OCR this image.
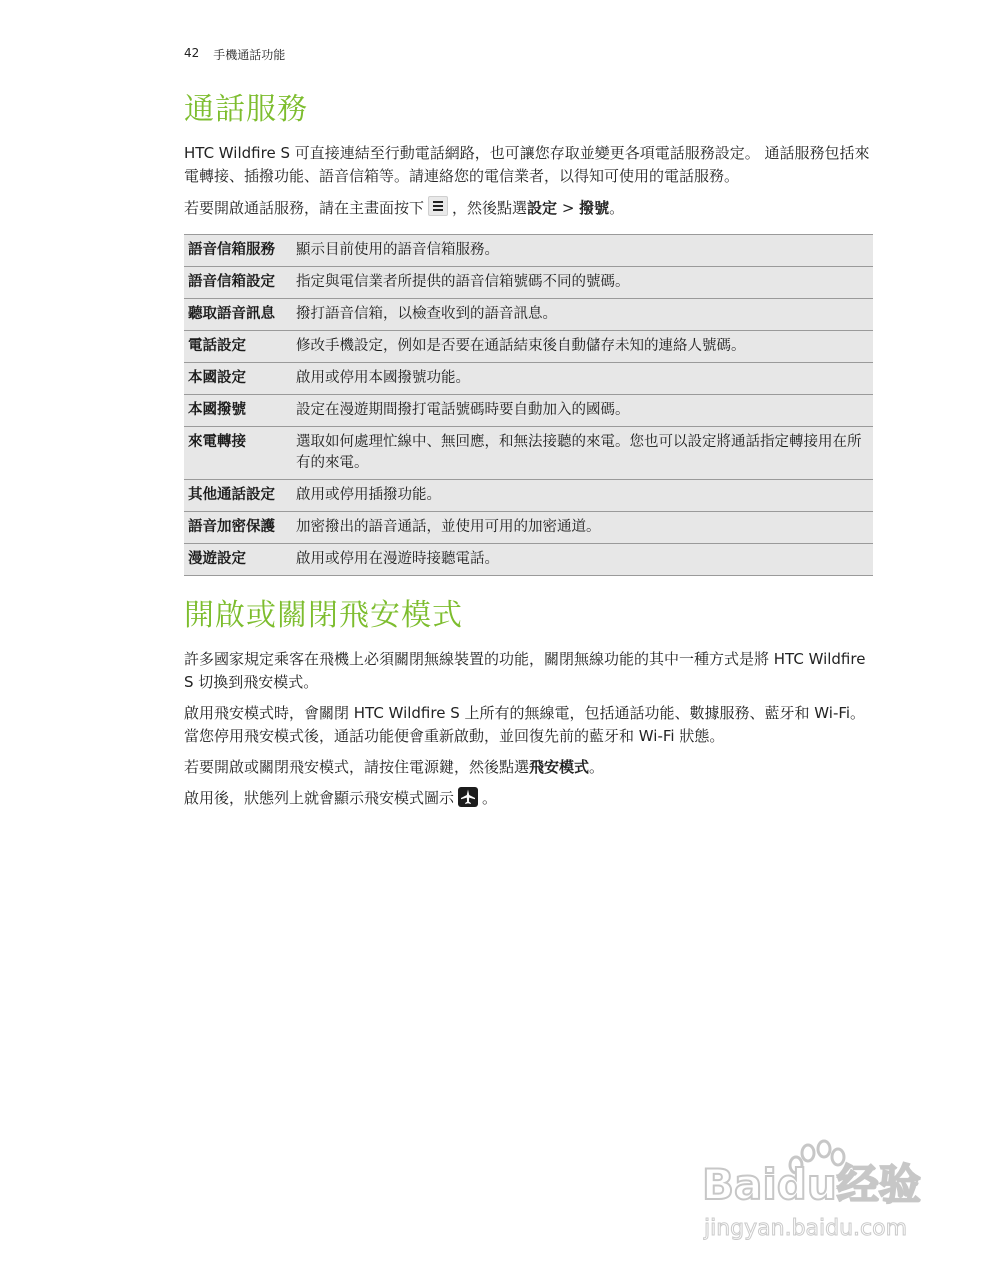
42 手機通話功能
通話服務

HTC Wildfire S 可直接連結至行動電話網路，也可讓您存取並變更各項電話服務設定。 通話服務包括來電轉接、插撥功能、語音信箱等。請連絡您的電信業者，以得知可使用的電話服務。

若要開啟通話服務，請在主畫面按下 ，然後點選設定 > 撥號。

語音信箱服務	顯示目前使用的語音信箱服務。
語音信箱設定	指定與電信業者所提供的語音信箱號碼不同的號碼。
聽取語音訊息	撥打語音信箱，以檢查收到的語音訊息。
電話設定	修改手機設定，例如是否要在通話結束後自動儲存未知的連絡人號碼。
本國設定	啟用或停用本國撥號功能。
本國撥號	設定在漫遊期間撥打電話號碼時要自動加入的國碼。
來電轉接	選取如何處理忙線中、無回應，和無法接聽的來電。您也可以設定將通話指定轉接用在所有的來電。
其他通話設定	啟用或停用插撥功能。
語音加密保護	加密撥出的語音通話，並使用可用的加密通道。
漫遊設定	啟用或停用在漫遊時接聽電話。
開啟或關閉飛安模式

許多國家規定乘客在飛機上必須關閉無線裝置的功能，關閉無線功能的其中一種方式是將 HTC Wildfire S 切換到飛安模式。

啟用飛安模式時，會關閉 HTC Wildfire S 上所有的無線電，包括通話功能、數據服務、藍牙和 Wi-Fi。當您停用飛安模式後，通話功能便會重新啟動，並回復先前的藍牙和 Wi-Fi 狀態。

若要開啟或關閉飛安模式，請按住電源鍵，然後點選飛安模式。

啟用後，狀態列上就會顯示飛安模式圖示 。

Baidu经验
jingyan.baidu.com
